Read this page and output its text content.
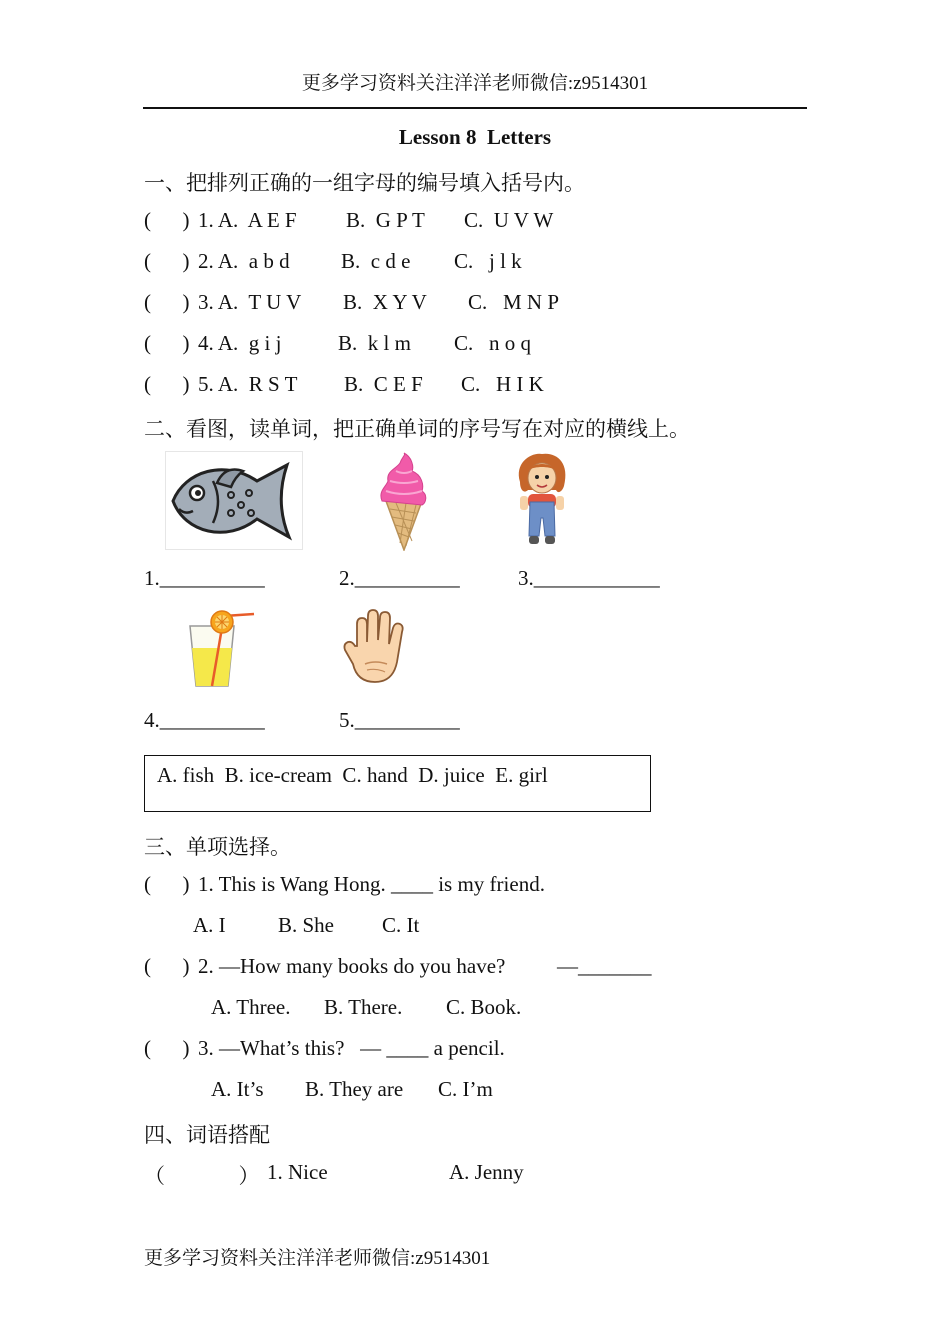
更多学习资料关注洋洋老师微信:z9514301
Lesson 8  Letters
一、把排列正确的一组字母的编号填入括号内。

(      )

1. A.  A E F

B.  G P T

C.  U V W

(      )

2. A.  a b d

B.  c d e

C.   j l k

(      )

3. A.  T U V

B.  X Y V

C.   M N P

(      )

4. A.  g i j

	B.  k l m

C.   n o q

(      )

5. A.  R S T

B.  C E F

C.   H I K

二、看图，读单词，把正确单词的序号写在对应的横线上。
1.__________	2.__________	3.____________
4.__________	5.__________

A. fish  B. ice-cream  C. hand  D. juice  E. girl

三、单项选择。

(      )

1. This is Wang Hong. ____ is my friend.

A. I

B. She

C. It

(      )

2. —How many books do you have?

—_______

A. Three.

B. There.

C. Book.

(      )

3. —What’s this?   — ____ a pencil.

A. It’s

B. They are

C. I’m

四、词语搭配

（              ）

1. Nice

	A. Jenny

更多学习资料关注洋洋老师微信:z9514301
